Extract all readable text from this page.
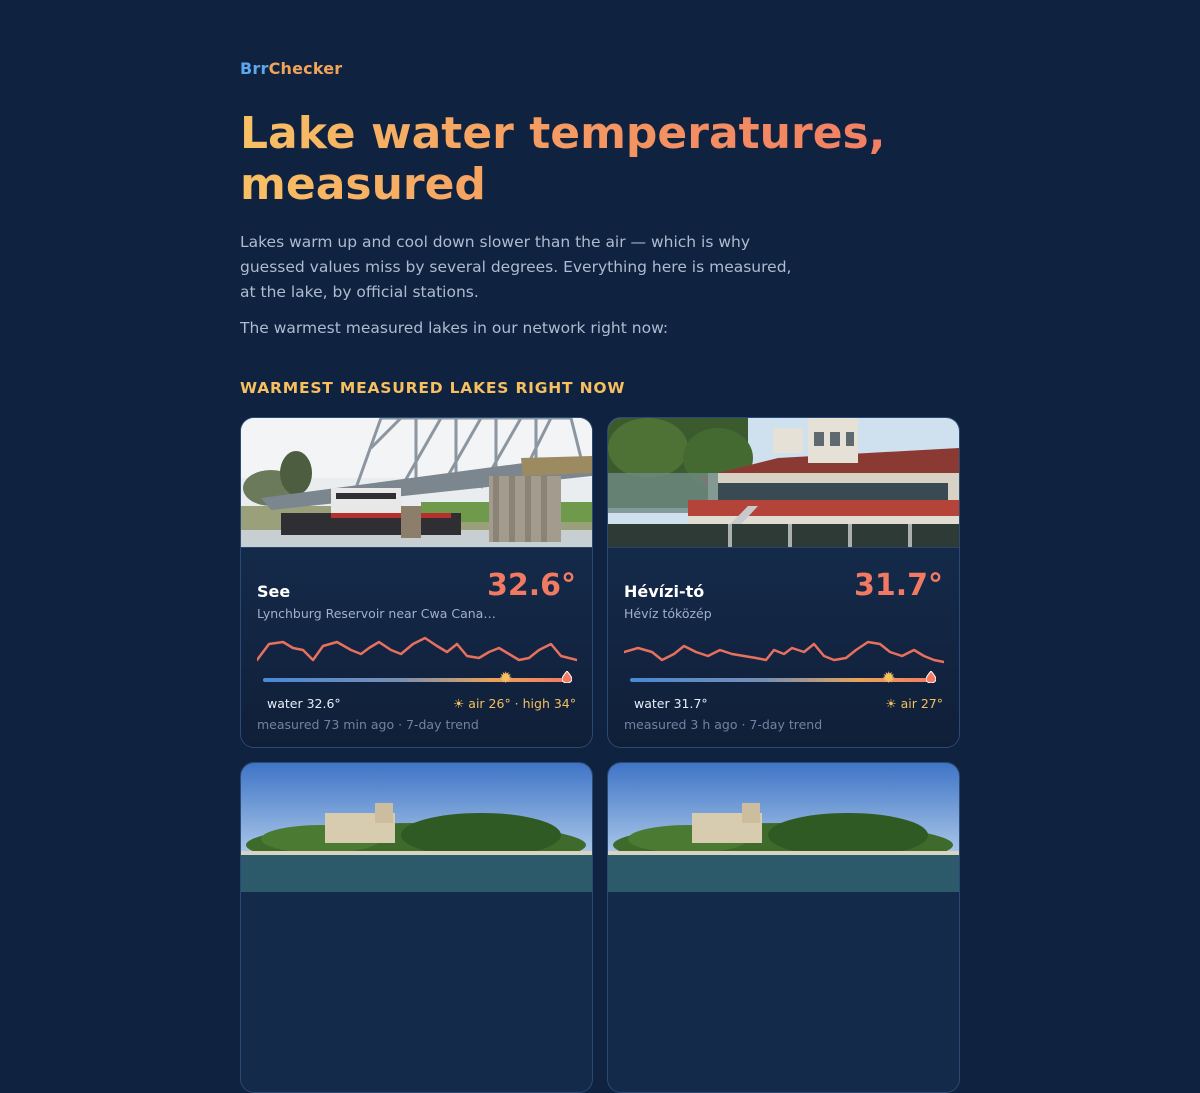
BrrChecker
Lake water temperatures, measured

Lakes warm up and cool down slower than the air — which is why guessed values miss by several degrees. Everything here is measured, at the lake, by official stations.

The warmest measured lakes in our network right now:

WARMEST MEASURED LAKES RIGHT NOW
See	32.6°
Lynchburg Reservoir near Cwa Cana…
✹
water 32.6°	☀ air 26° · high 34°
measured 73 min ago · 7-day trend
Hévízi-tó	31.7°
Hévíz tóközép
✹
water 31.7°	☀ air 27°
measured 3 h ago · 7-day trend
